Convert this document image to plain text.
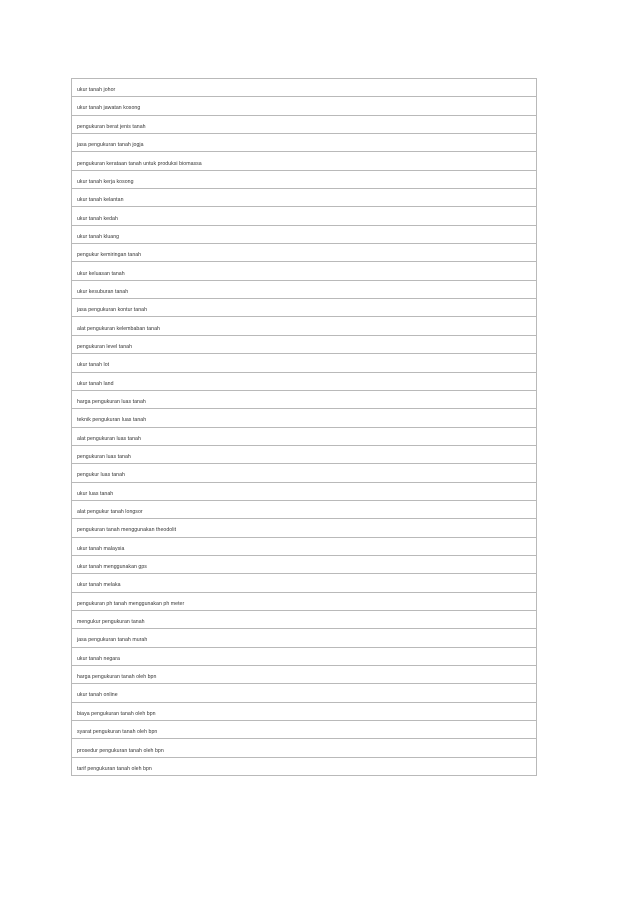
ukur tanah johor
ukur tanah jawatan kosong
pengukuran berat jenis tanah
jasa pengukuran tanah jogja
pengukuran kerataan tanah untuk produksi biomassa
ukur tanah kerja kosong
ukur tanah kelantan
ukur tanah kedah
ukur tanah kluang
pengukur kemiringan tanah
ukur keluasan tanah
ukur kesuburan tanah
jasa pengukuran kontur tanah
alat pengukuran kelembaban tanah
pengukuran level tanah
ukur tanah lot
ukur tanah land
harga pengukuran luas tanah
teknik pengukuran luas tanah
alat pengukuran luas tanah
pengukuran luas tanah
pengukur luas tanah
ukur luas tanah
alat pengukur tanah longsor
pengukuran tanah menggunakan theodolit
ukur tanah malaysia
ukur tanah menggunakan gps
ukur tanah melaka
pengukuran ph tanah menggunakan ph meter
mengukur pengukuran tanah
jasa pengukuran tanah murah
ukur tanah negara
harga pengukuran tanah oleh bpn
ukur tanah online
biaya pengukuran tanah oleh bpn
syarat pengukuran tanah oleh bpn
prosedur pengukuran tanah oleh bpn
tarif pengukuran tanah oleh bpn
